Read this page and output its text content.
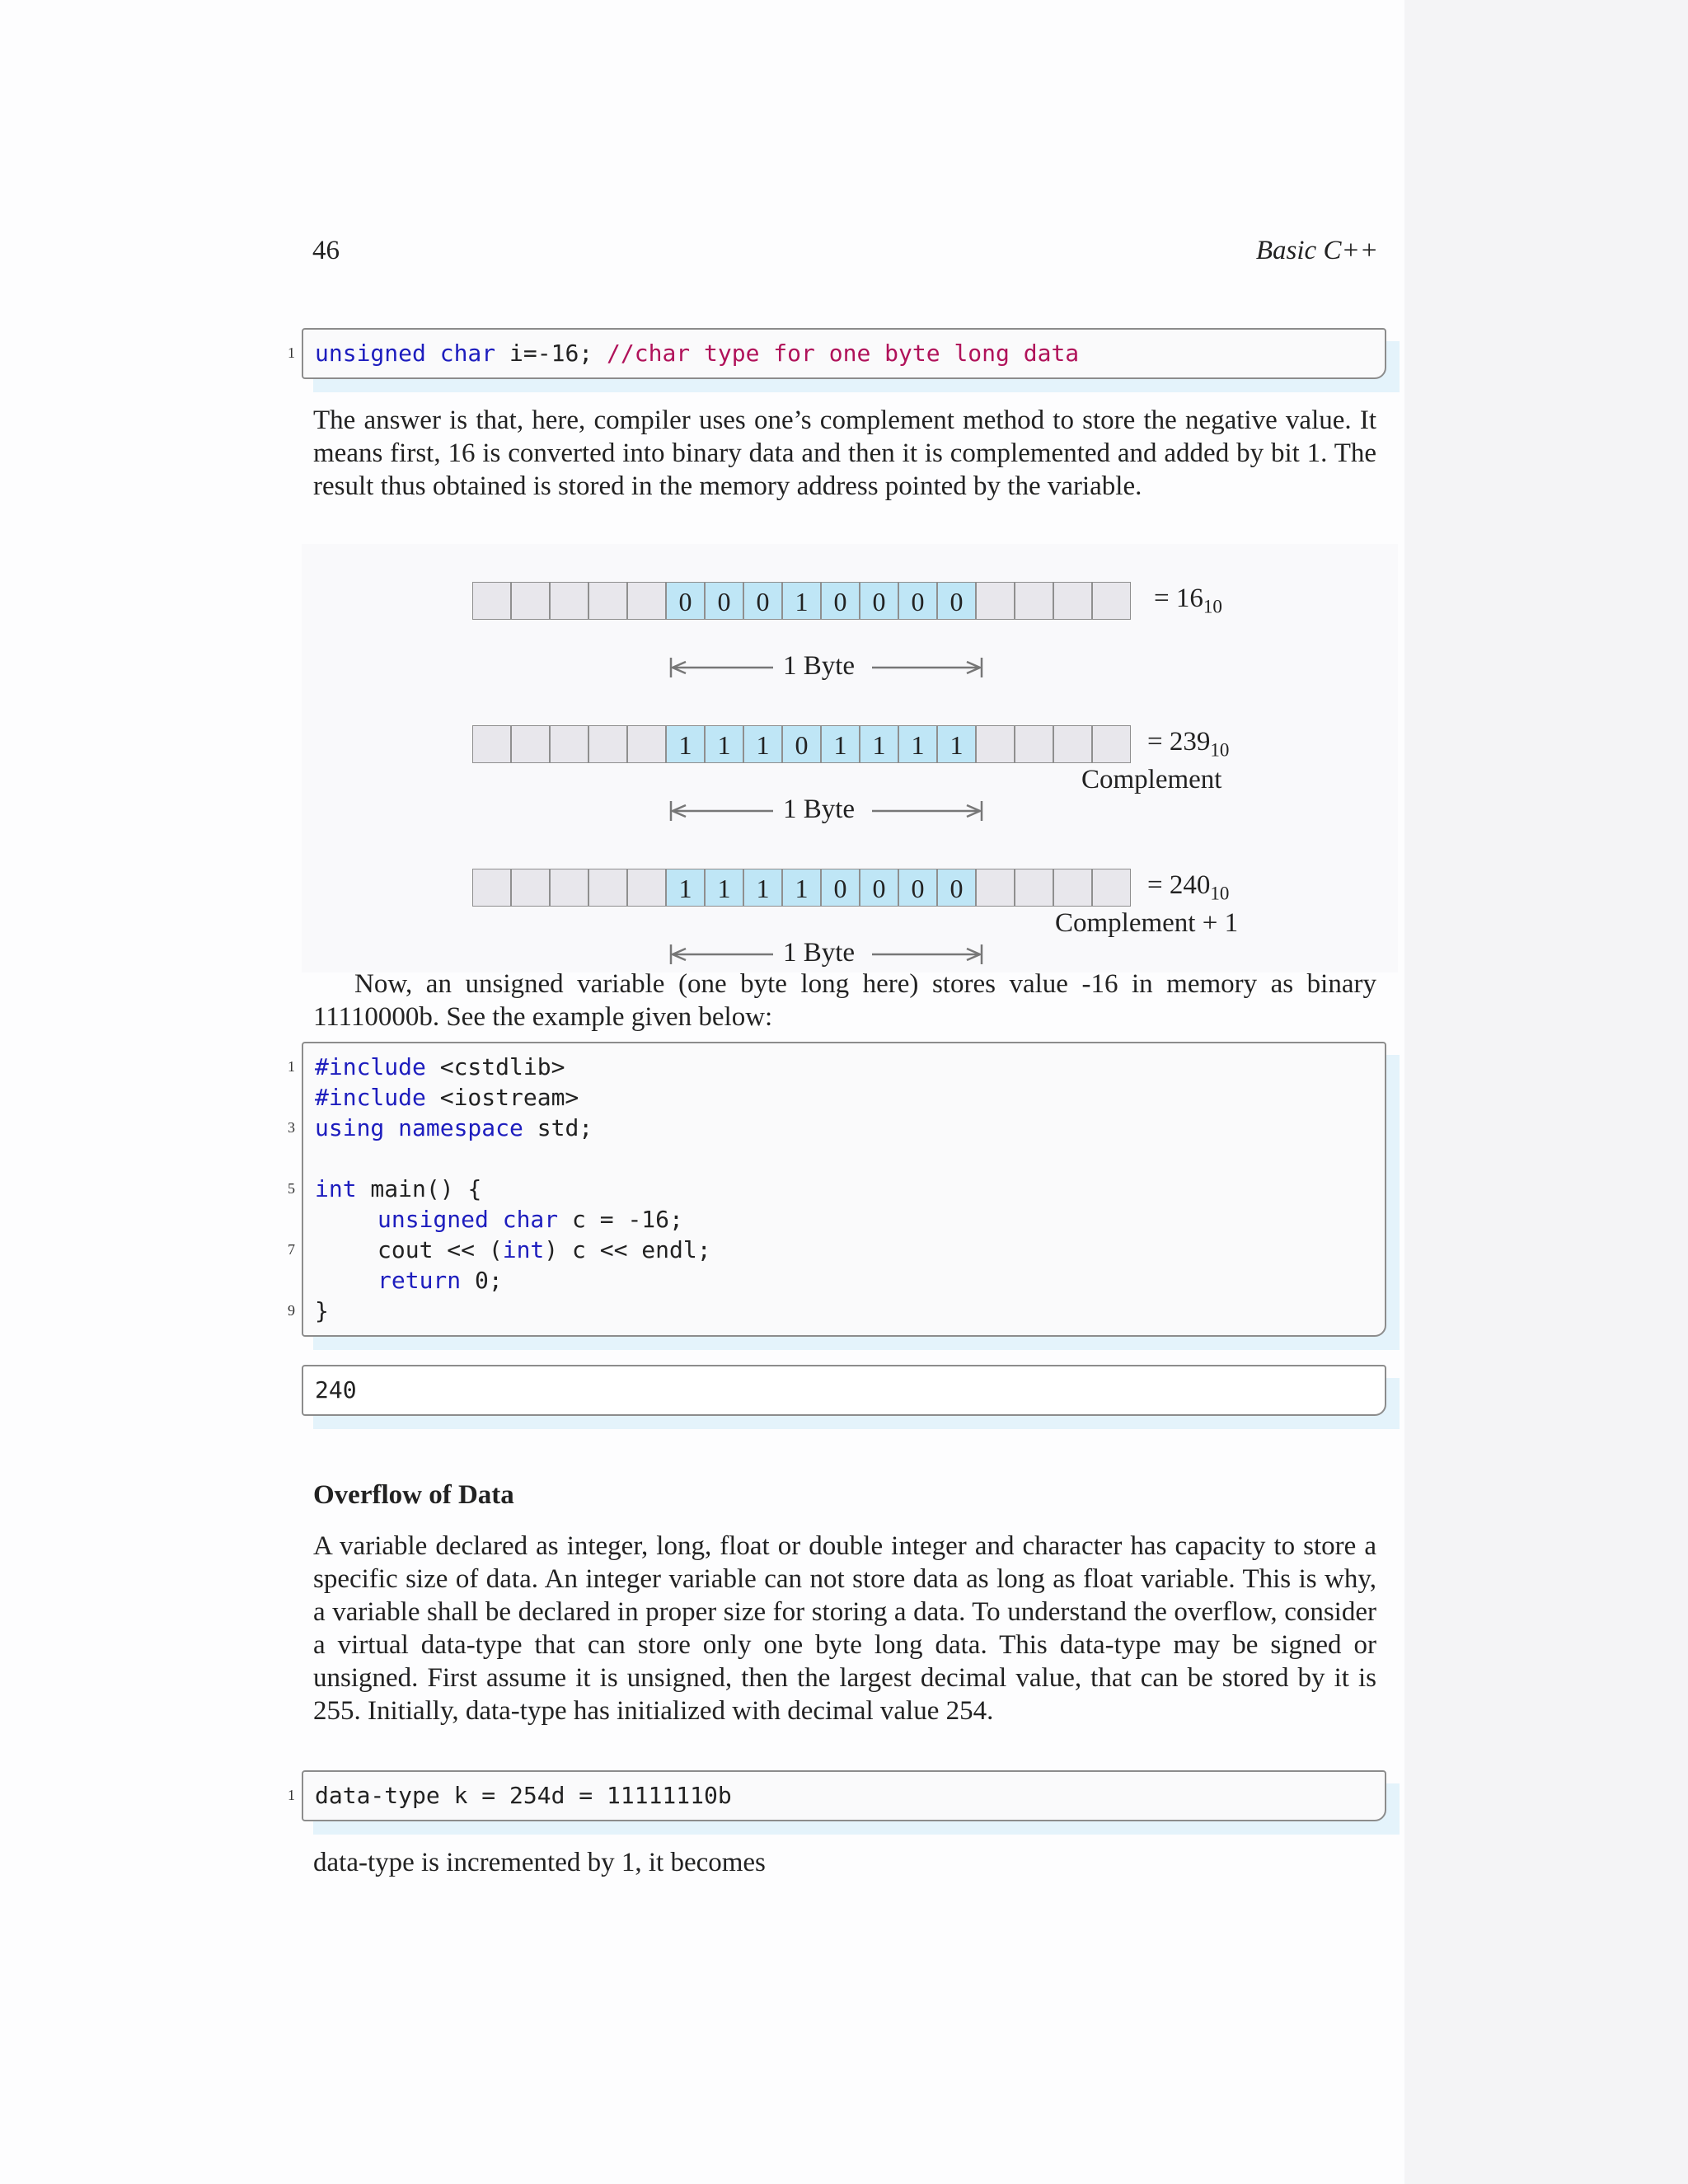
46	Basic C++
1 unsigned char i=-16; //char type for one byte long data
The answer is that, here, compiler uses one’s complement method to store the negative value. It means first, 16 is converted into binary data and then it is complemented and added by bit 1. The result thus obtained is stored in the memory address pointed by the variable.
0 0 0 1 0 0 0 0	= $16_{10}$
1 Byte
1 1 1 0 1 1 1 1	= $239_{10}$
Complement
1 Byte
1 1 1 1 0 0 0 0	= $240_{10}$
Complement + 1
1 Byte
Now, an unsigned variable (one byte long here) stores value -16 in memory as binary 11110000b. See the example given below:
1
3
5
7
9
#include <cstdlib>
#include <iostream>
using namespace std;
int main() {
unsigned char c = -16;
cout << (int) c << endl;
return 0;
}
240
Overflow of Data
A variable declared as integer, long, float or double integer and character has capacity to store a specific size of data. An integer variable can not store data as long as float variable. This is why, a variable shall be declared in proper size for storing a data. To understand the overflow, consider a virtual data-type that can store only one byte long data. This data-type may be signed or unsigned. First assume it is unsigned, then the largest decimal value, that can be stored by it is 255. Initially, data-type has initialized with decimal value 254.
1 data-type k = 254d = 11111110b
data-type is incremented by 1, it becomes
